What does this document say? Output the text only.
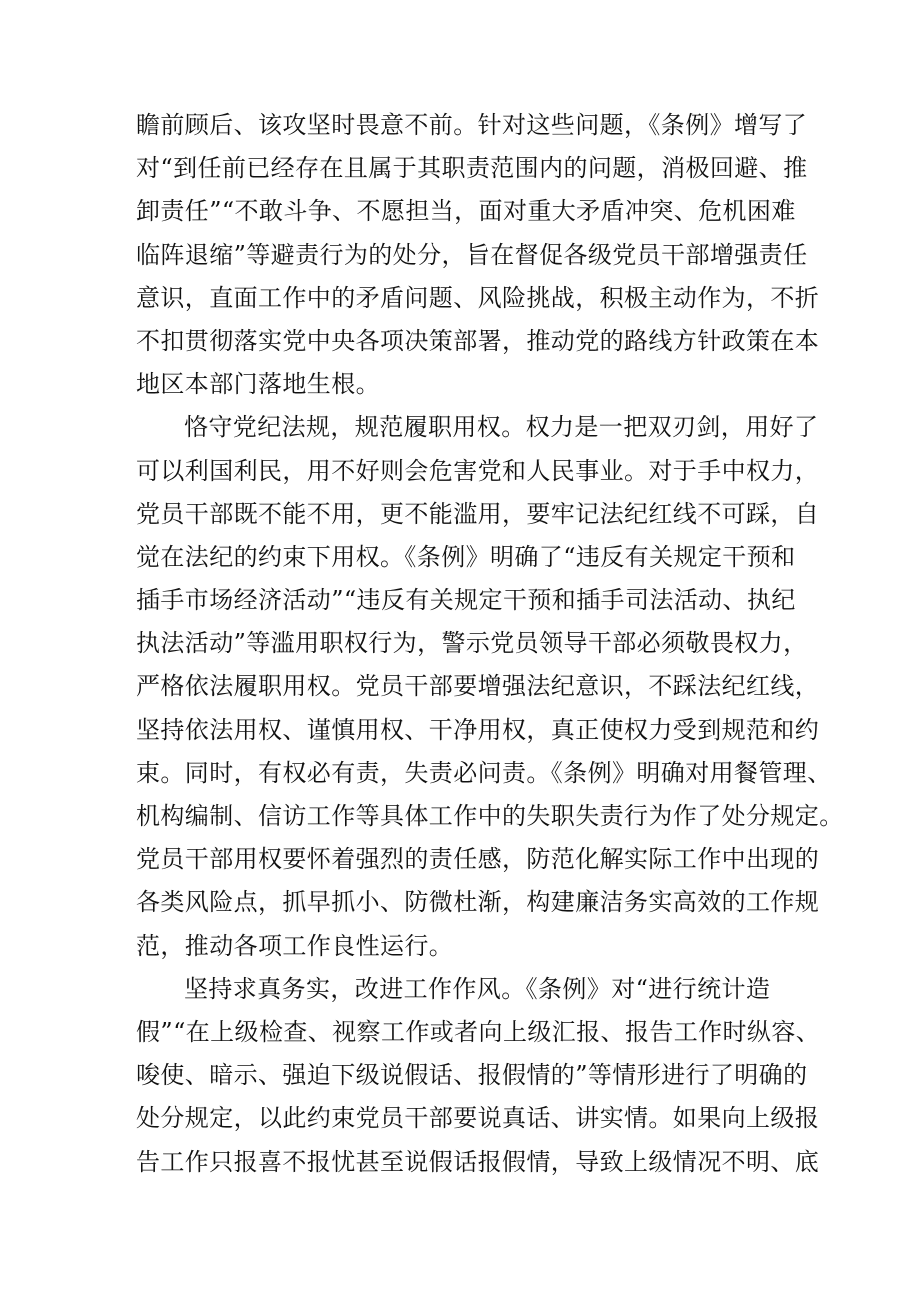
瞻前顾后、该攻坚时畏意不前。针对这些问题，《条例》增写了
对“到任前已经存在且属于其职责范围内的问题，消极回避、推
卸责任”“不敢斗争、不愿担当，面对重大矛盾冲突、危机困难
临阵退缩”等避责行为的处分，旨在督促各级党员干部增强责任
意识，直面工作中的矛盾问题、风险挑战，积极主动作为，不折
不扣贯彻落实党中央各项决策部署，推动党的路线方针政策在本
地区本部门落地生根。
恪守党纪法规，规范履职用权。权力是一把双刃剑，用好了
可以利国利民，用不好则会危害党和人民事业。对于手中权力，
党员干部既不能不用，更不能滥用，要牢记法纪红线不可踩，自
觉在法纪的约束下用权。《条例》明确了“违反有关规定干预和
插手市场经济活动”“违反有关规定干预和插手司法活动、执纪
执法活动”等滥用职权行为，警示党员领导干部必须敬畏权力，
严格依法履职用权。党员干部要增强法纪意识，不踩法纪红线，
坚持依法用权、谨慎用权、干净用权，真正使权力受到规范和约
束。同时，有权必有责，失责必问责。《条例》明确对用餐管理、
机构编制、信访工作等具体工作中的失职失责行为作了处分规定。
党员干部用权要怀着强烈的责任感，防范化解实际工作中出现的
各类风险点，抓早抓小、防微杜渐，构建廉洁务实高效的工作规
范，推动各项工作良性运行。
坚持求真务实，改进工作作风。《条例》对“进行统计造
假”“在上级检查、视察工作或者向上级汇报、报告工作时纵容、
唆使、暗示、强迫下级说假话、报假情的”等情形进行了明确的
处分规定，以此约束党员干部要说真话、讲实情。如果向上级报
告工作只报喜不报忧甚至说假话报假情，导致上级情况不明、底
